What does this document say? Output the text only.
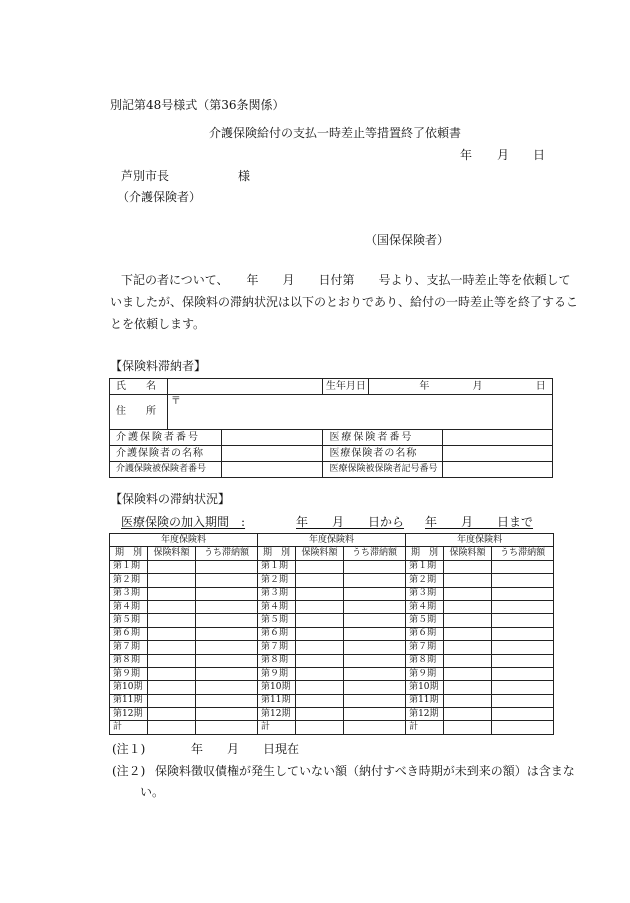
別記第48号様式（第36条関係）
介護保険給付の支払一時差止等措置終了依頼書
年 月 日
芦別市長	様
（介護保険者）
（国保保険者）
下記の者について、　　年　　月　　日付第　　号より、支払一時差止等を依頼して
いましたが、保険料の滞納状況は以下のとおりであり、給付の一時差止等を終了するこ
とを依頼します。
【保険料滞納者】
氏　　名			生年月日	年 月 日	
住　　所	〒				
介護保険者番号			医療保険者番号		
介護保険者の名称			医療保険者の名称		
介護保険被保険者番号			医療保険被保険者記号番号		
【保険料の滞納状況】
医療保険の加入期間　:	年　　月　　日から 年　　月　　日まで
年度保険料			年度保険料			年度保険料		
期　別	保険料額	うち滞納額	期　別	保険料額	うち滞納額	期　別	保険料額	うち滞納額
第１期			第１期			第１期		
第２期			第２期			第２期		
第３期			第３期			第３期		
第４期			第４期			第４期		
第５期			第５期			第５期		
第６期			第６期			第６期		
第７期			第７期			第７期		
第８期			第８期			第８期		
第９期			第９期			第９期		
第10期			第10期			第10期		
第11期			第11期			第11期		
第12期			第12期			第12期		
計			計			計		
(注１)	年　　月　　日現在
(注２) 保険料徴収債権が発生していない額（納付すべき時期が未到来の額）は含まな
い。
